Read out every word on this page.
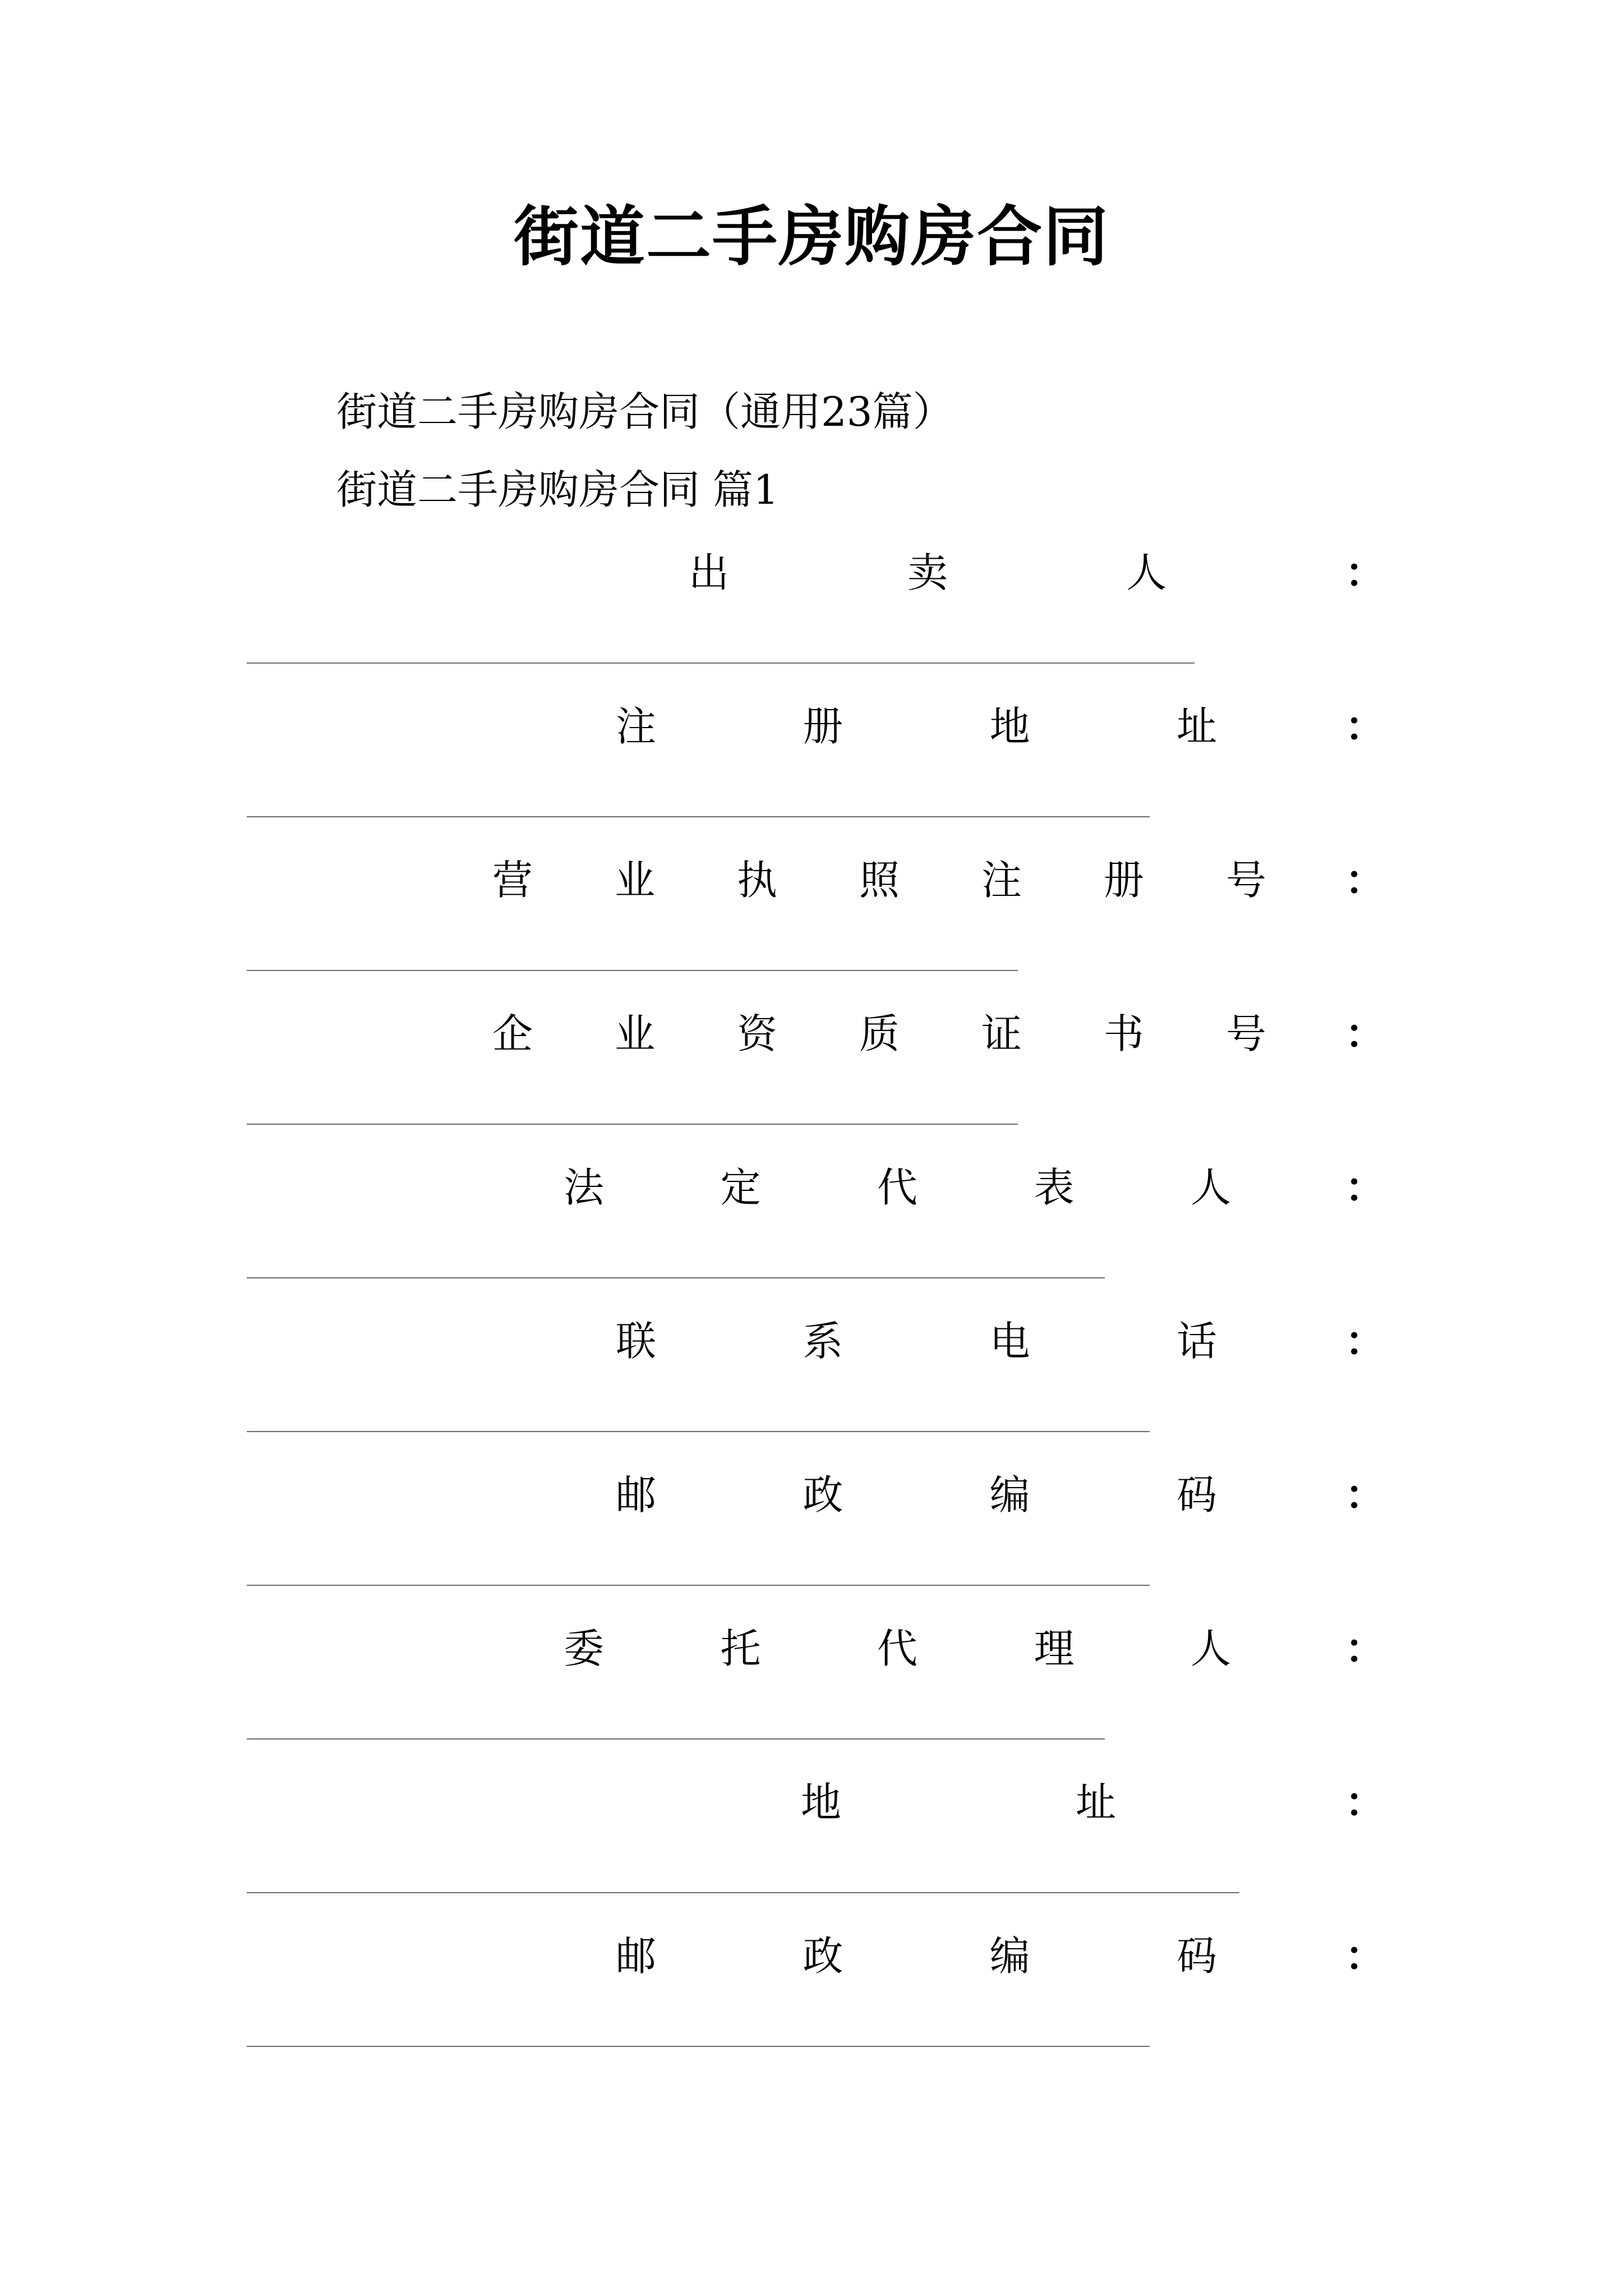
街道二手房购房合同
街道二手房购房合同（通用23篇）
街道二手房购房合同 篇1
出	卖	人	：
注	册	地	址	：
营 业 执 照 注 册 号 ：
企 业 资 质 证 书 号 ：
法	定	代	表	人	：
联	系	电	话	：
邮	政	编	码	：
委	托	代	理	人	：
地	址	：
邮	政	编	码	：
